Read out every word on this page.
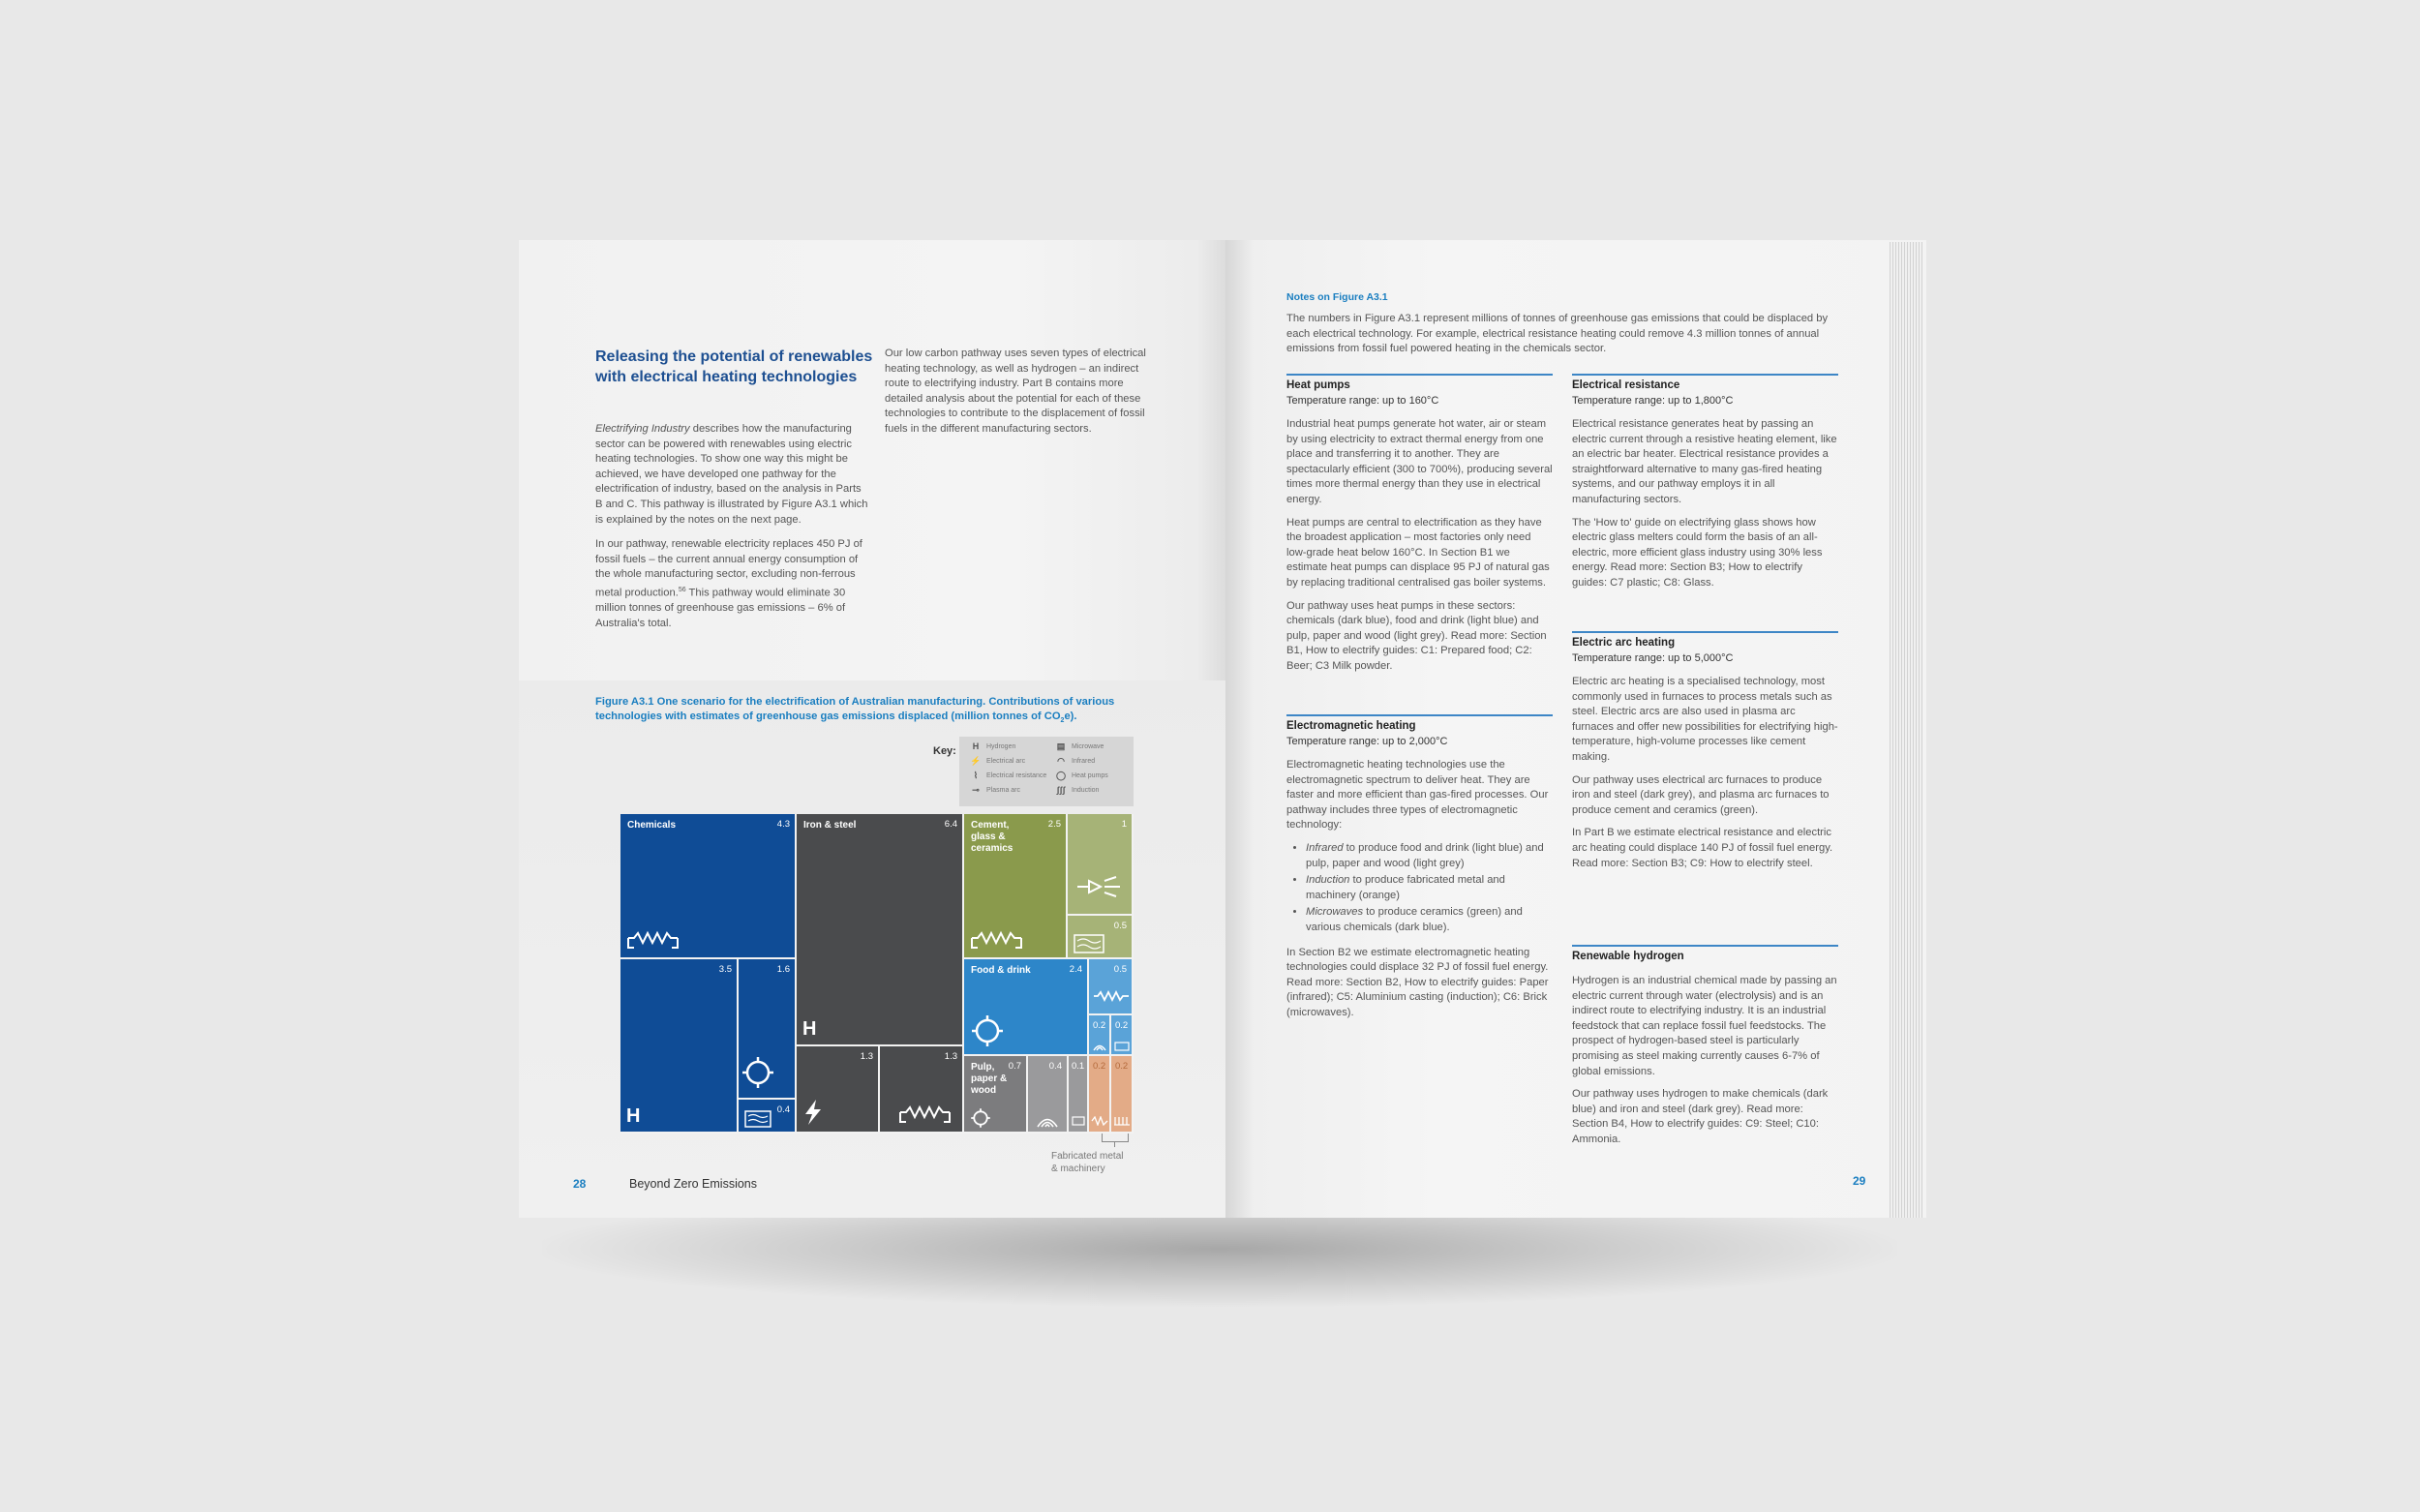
Releasing the potential of renewables with electrical heating technologies

Electrifying Industry describes how the manufacturing sector can be powered with renewables using electric heating technologies. To show one way this might be achieved, we have developed one pathway for the electrification of industry, based on the analysis in Parts B and C. This pathway is illustrated by Figure A3.1 which is explained by the notes on the next page.

In our pathway, renewable electricity replaces 450 PJ of fossil fuels – the current annual energy consumption of the whole manufacturing sector, excluding non-ferrous metal production.$^{56}$ This pathway would eliminate 30 million tonnes of greenhouse gas emissions – 6% of Australia's total.

Our low carbon pathway uses seven types of electrical heating technology, as well as hydrogen – an indirect route to electrifying industry. Part B contains more detailed analysis about the potential for each of these technologies to contribute to the displacement of fossil fuels in the different manufacturing sectors.

Figure A3.1 One scenario for the electrification of Australian manufacturing. Contributions of various technologies with estimates of greenhouse gas emissions displaced (million tonnes of $CO_2e$).
Key:	H	Hydrogen
⚡ Electrical arc
⌇	Electrical resistance
⊸	Plasma arc
▤ Microwave
◠	Infrared
◯ Heat pumps
ʃʃʃ Induction
Chemicals	4.3
3.5
H
1.6
0.4
Iron & steel	6.4
H
1.3	1.3
Cement, glass & ceramics
2.5	1
0.5
Food & drink	2.4	0.5
0.2 0.2
Pulp, paper & wood
0.7	0.4 0.1 0.2 0.2
Fabricated metal
& machinery
28	Beyond Zero Emissions
Notes on Figure A3.1

The numbers in Figure A3.1 represent millions of tonnes of greenhouse gas emissions that could be displaced by each electrical technology. For example, electrical resistance heating could remove 4.3 million tonnes of annual emissions from fossil fuel powered heating in the chemicals sector.

Heat pumps
Temperature range: up to 160°C

Industrial heat pumps generate hot water, air or steam by using electricity to extract thermal energy from one place and transferring it to another. They are spectacularly efficient (300 to 700%), producing several times more thermal energy than they use in electrical energy.

Heat pumps are central to electrification as they have the broadest application – most factories only need low-grade heat below 160°C. In Section B1 we estimate heat pumps can displace 95 PJ of natural gas by replacing traditional centralised gas boiler systems.

Our pathway uses heat pumps in these sectors: chemicals (dark blue), food and drink (light blue) and pulp, paper and wood (light grey). Read more: Section B1, How to electrify guides: C1: Prepared food; C2: Beer; C3 Milk powder.

Electromagnetic heating
Temperature range: up to 2,000°C

Electromagnetic heating technologies use the electromagnetic spectrum to deliver heat. They are faster and more efficient than gas-fired processes. Our pathway includes three types of electromagnetic technology:

• Infrared to produce food and drink (light blue) and pulp, paper and wood (light grey)
• Induction to produce fabricated metal and machinery (orange)
• Microwaves to produce ceramics (green) and various chemicals (dark blue).

In Section B2 we estimate electromagnetic heating technologies could displace 32 PJ of fossil fuel energy. Read more: Section B2, How to electrify guides: Paper (infrared); C5: Aluminium casting (induction); C6: Brick (microwaves).

Electrical resistance
Temperature range: up to 1,800°C

Electrical resistance generates heat by passing an electric current through a resistive heating element, like an electric bar heater. Electrical resistance provides a straightforward alternative to many gas-fired heating systems, and our pathway employs it in all manufacturing sectors.

The 'How to' guide on electrifying glass shows how electric glass melters could form the basis of an all-electric, more efficient glass industry using 30% less energy. Read more: Section B3; How to electrify guides: C7 plastic; C8: Glass.

Electric arc heating
Temperature range: up to 5,000°C

Electric arc heating is a specialised technology, most commonly used in furnaces to process metals such as steel. Electric arcs are also used in plasma arc furnaces and offer new possibilities for electrifying high-temperature, high-volume processes like cement making.

Our pathway uses electrical arc furnaces to produce iron and steel (dark grey), and plasma arc furnaces to produce cement and ceramics (green).

In Part B we estimate electrical resistance and electric arc heating could displace 140 PJ of fossil fuel energy. Read more: Section B3; C9: How to electrify steel.

Renewable hydrogen

Hydrogen is an industrial chemical made by passing an electric current through water (electrolysis) and is an indirect route to electrifying industry. It is an industrial feedstock that can replace fossil fuel feedstocks. The prospect of hydrogen-based steel is particularly promising as steel making currently causes 6-7% of global emissions.

Our pathway uses hydrogen to make chemicals (dark blue) and iron and steel (dark grey). Read more: Section B4, How to electrify guides: C9: Steel; C10: Ammonia.

29
